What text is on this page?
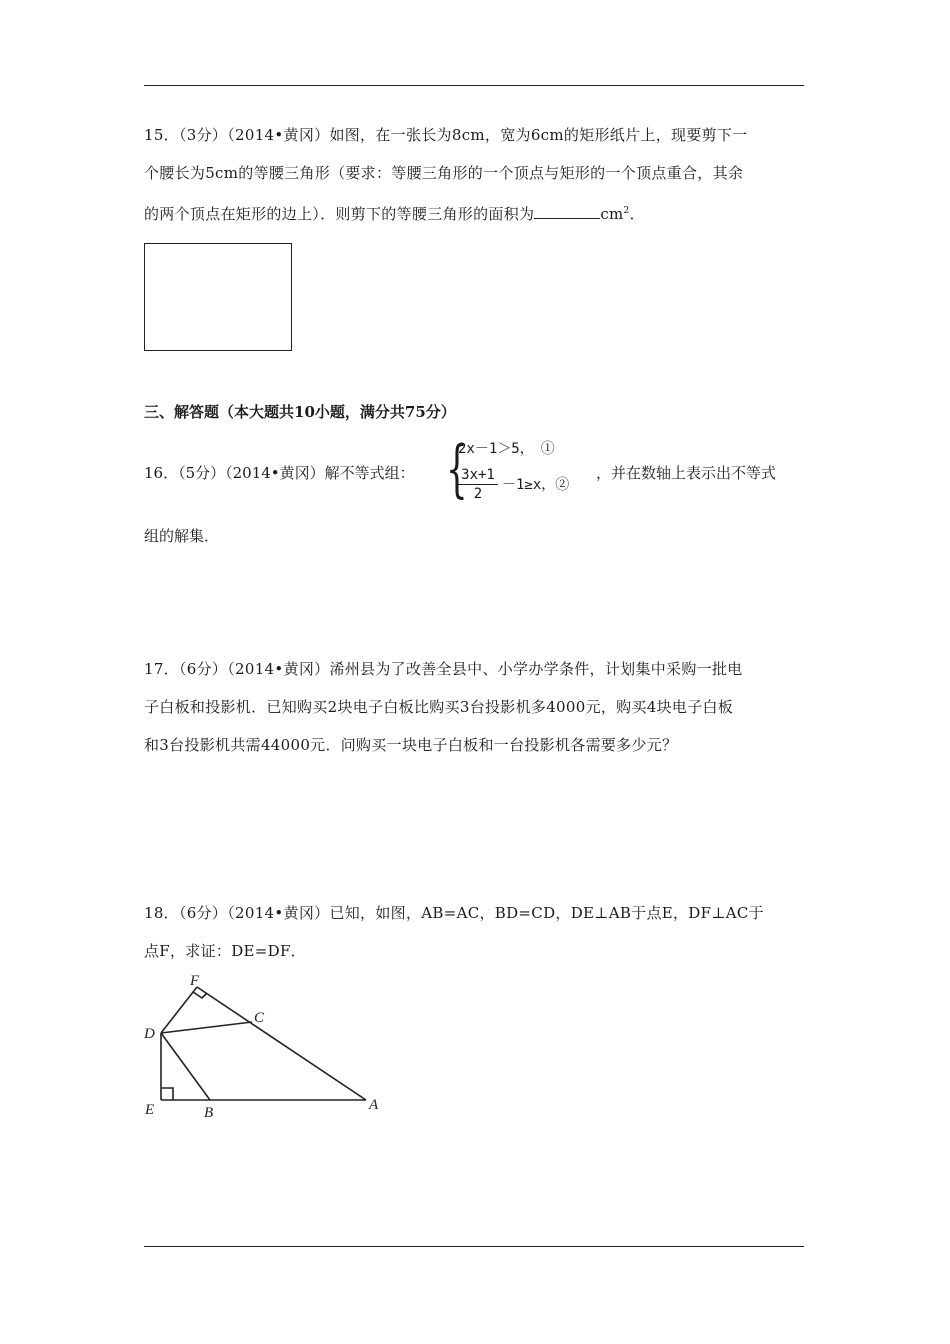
15．（3分）（2014•黄冈）如图，在一张长为8cm，宽为6cm的矩形纸片上，现要剪下一
个腰长为5cm的等腰三角形（要求：等腰三角形的一个顶点与矩形的一个顶点重合，其余
的两个顶点在矩形的边上）．则剪下的等腰三角形的面积为	$cm^2$．
三、解答题（本大题共10小题，满分共75分）
16．（5分）（2014•黄冈）解不等式组： {
2x－1＞5，　①
$\frac{3x+1}{2} -1\ge x$，②
，并在数轴上表示出不等式
组的解集．
17．（6分）（2014•黄冈）浠州县为了改善全县中、小学办学条件，计划集中采购一批电
子白板和投影机．已知购买2块电子白板比购买3台投影机多4000元，购买4块电子白板
和3台投影机共需44000元．问购买一块电子白板和一台投影机各需要多少元？
18．（6分）（2014•黄冈）已知，如图，AB=AC，BD=CD，DE⊥AB于点E，DF⊥AC于
点F，求证：DE=DF．
F
C
D
E	B	A
